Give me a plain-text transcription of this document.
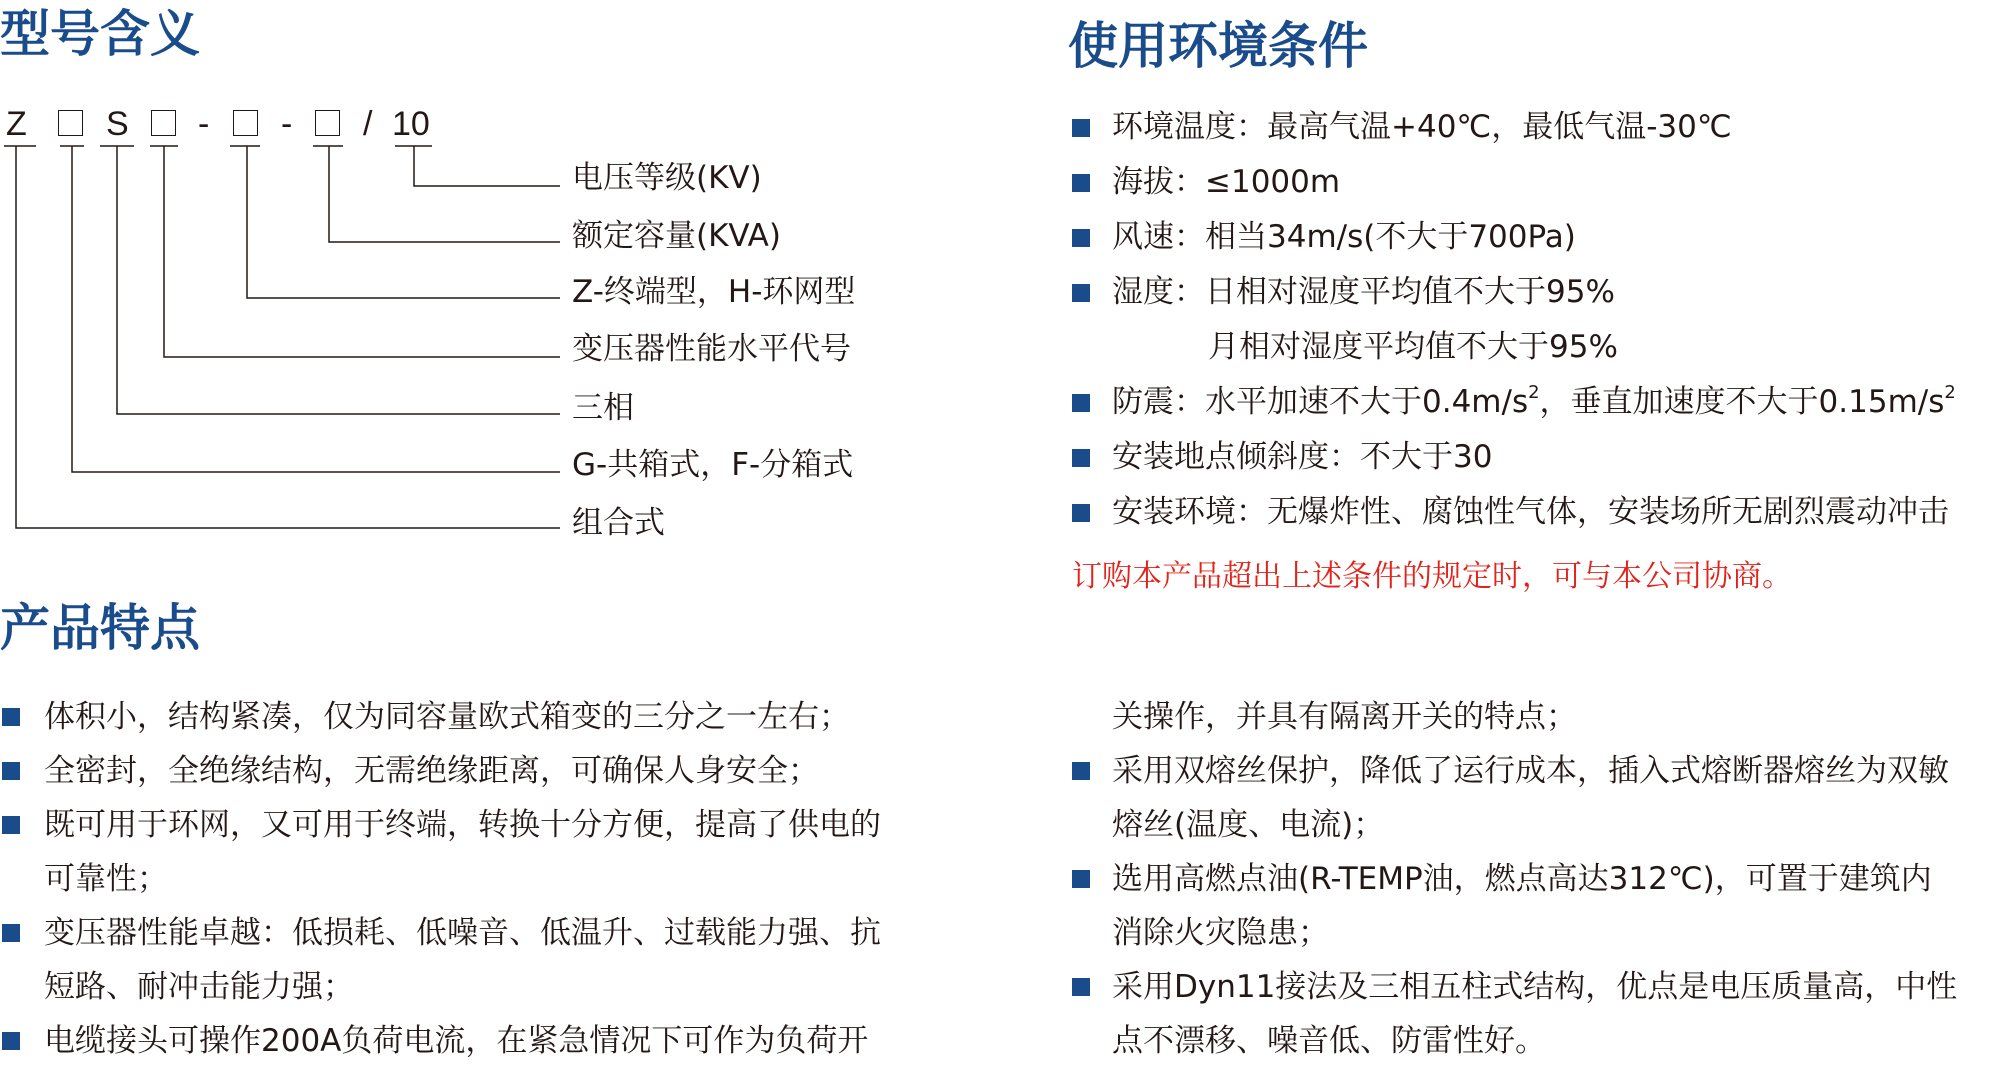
型号含义
Z S - - / 10
电压等级(KV)
额定容量(KVA)
Z-终端型，H-环网型
变压器性能水平代号
三相
G-共箱式，F-分箱式
组合式
使用环境条件
环境温度：最高气温+40℃，最低气温-30℃
海拔：≤1000m
风速：相当34m/s(不大于700Pa)
湿度：日相对湿度平均值不大于95%
月相对湿度平均值不大于95%
防震：水平加速不大于$0.4m/s^2$，垂直加速度不大于$0.15m/s^2$
安装地点倾斜度：不大于30
安装环境：无爆炸性、腐蚀性气体，安装场所无剧烈震动冲击
订购本产品超出上述条件的规定时，可与本公司协商。
产品特点
体积小，结构紧凑，仅为同容量欧式箱变的三分之一左右；
全密封，全绝缘结构，无需绝缘距离，可确保人身安全；
既可用于环网，又可用于终端，转换十分方便，提高了供电的
可靠性；
变压器性能卓越：低损耗、低噪音、低温升、过载能力强、抗
短路、耐冲击能力强；
电缆接头可操作200A负荷电流，在紧急情况下可作为负荷开
关操作，并具有隔离开关的特点；
采用双熔丝保护，降低了运行成本，插入式熔断器熔丝为双敏
熔丝(温度、电流)；
选用高燃点油(R-TEMP油，燃点高达312℃)，可置于建筑内
消除火灾隐患；
采用Dyn11接法及三相五柱式结构，优点是电压质量高，中性
点不漂移、噪音低、防雷性好。
